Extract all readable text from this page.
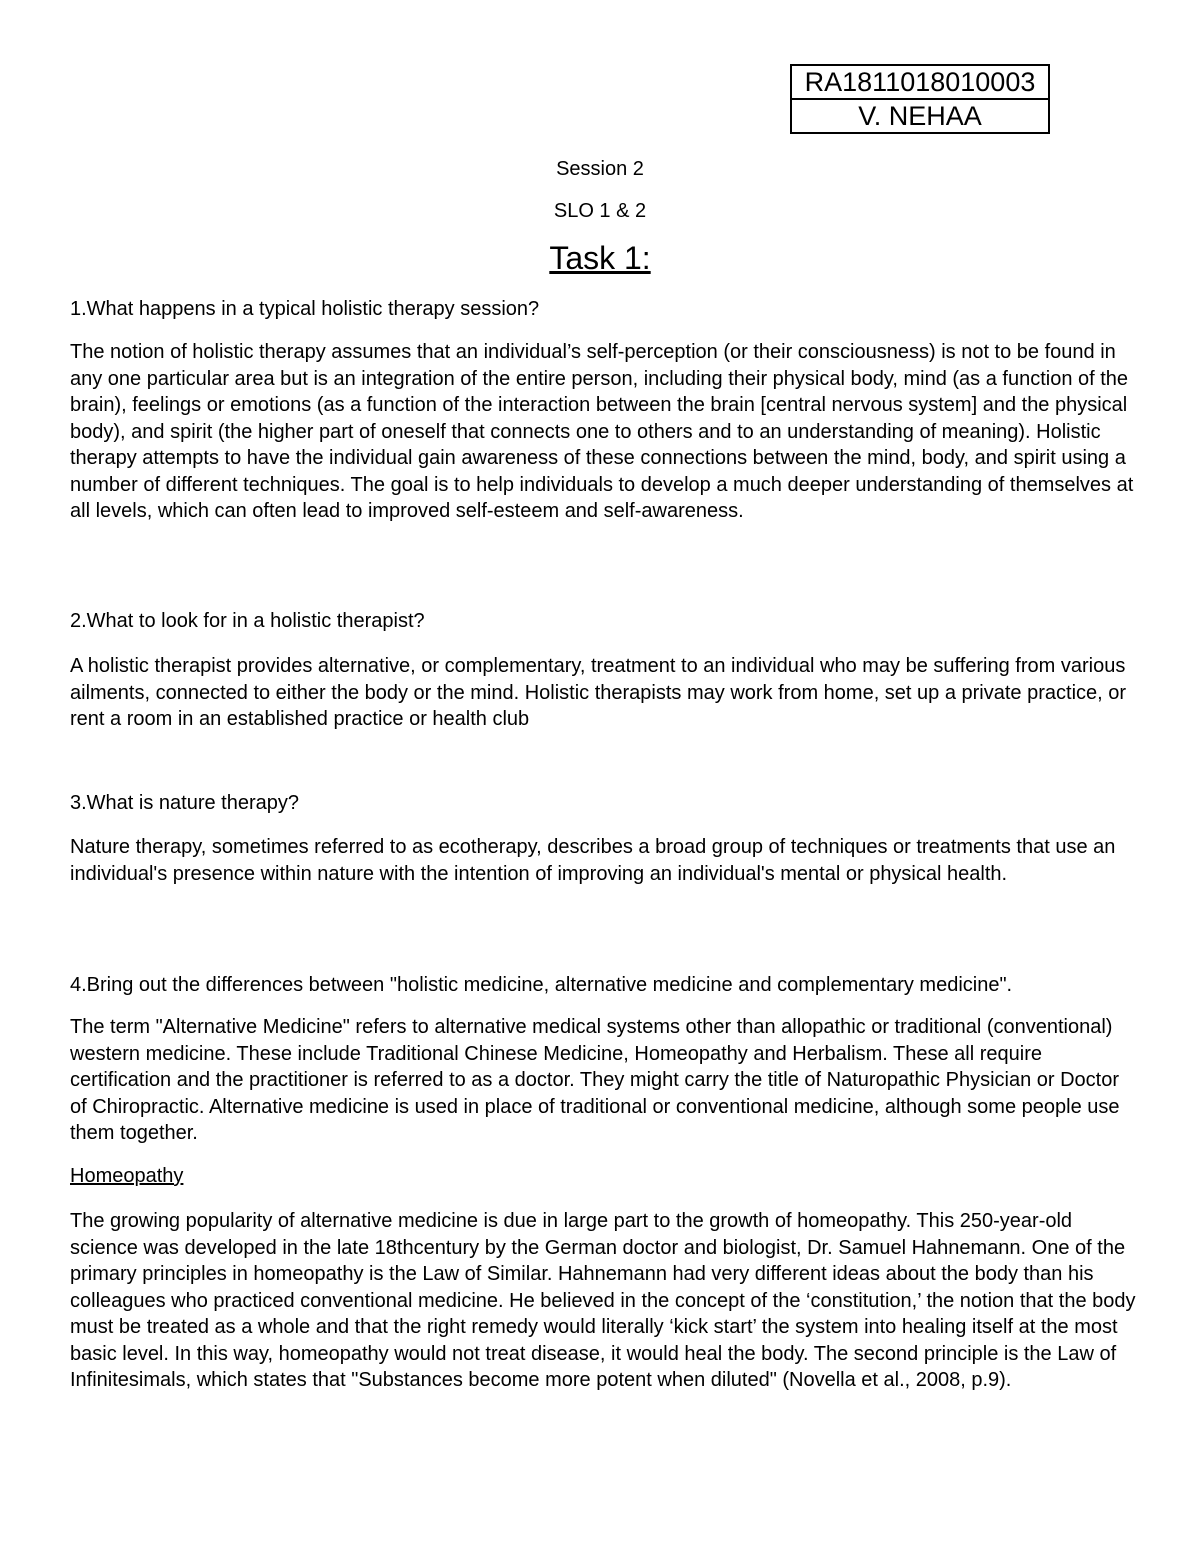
RA1811018010003
V. NEHAA
Session 2
SLO 1 & 2
Task 1:

1.What happens in a typical holistic therapy session?

The notion of holistic therapy assumes that an individual’s self-perception (or their consciousness) is not to be found in any one particular area but is an integration of the entire person, including their physical body, mind (as a function of the brain), feelings or emotions (as a function of the interaction between the brain [central nervous system] and the physical body), and spirit (the higher part of oneself that connects one to others and to an understanding of meaning). Holistic therapy attempts to have the individual gain awareness of these connections between the mind, body, and spirit using a number of different techniques. The goal is to help individuals to develop a much deeper understanding of themselves at all levels, which can often lead to improved self-esteem and self-awareness.

2.What to look for in a holistic therapist?

A holistic therapist provides alternative, or complementary, treatment to an individual who may be suffering from various ailments, connected to either the body or the mind. Holistic therapists may work from home, set up a private practice, or rent a room in an established practice or health club

3.What is nature therapy?

Nature therapy, sometimes referred to as ecotherapy, describes a broad group of techniques or treatments that use an individual's presence within nature with the intention of improving an individual's mental or physical health.

4.Bring out the differences between "holistic medicine, alternative medicine and complementary medicine".

The term "Alternative Medicine" refers to alternative medical systems other than allopathic or traditional (conventional) western medicine. These include Traditional Chinese Medicine, Homeopathy and Herbalism. These all require certification and the practitioner is referred to as a doctor. They might carry the title of Naturopathic Physician or Doctor of Chiropractic. Alternative medicine is used in place of traditional or conventional medicine, although some people use them together.

Homeopathy

The growing popularity of alternative medicine is due in large part to the growth of homeopathy. This 250-year-old science was developed in the late 18thcentury by the German doctor and biologist, Dr. Samuel Hahnemann. One of the primary principles in homeopathy is the Law of Similar. Hahnemann had very different ideas about the body than his colleagues who practiced conventional medicine. He believed in the concept of the ‘constitution,’ the notion that the body must be treated as a whole and that the right remedy would literally ‘kick start’ the system into healing itself at the most basic level. In this way, homeopathy would not treat disease, it would heal the body. The second principle is the Law of Infinitesimals, which states that "Substances become more potent when diluted" (Novella et al., 2008, p.9).
